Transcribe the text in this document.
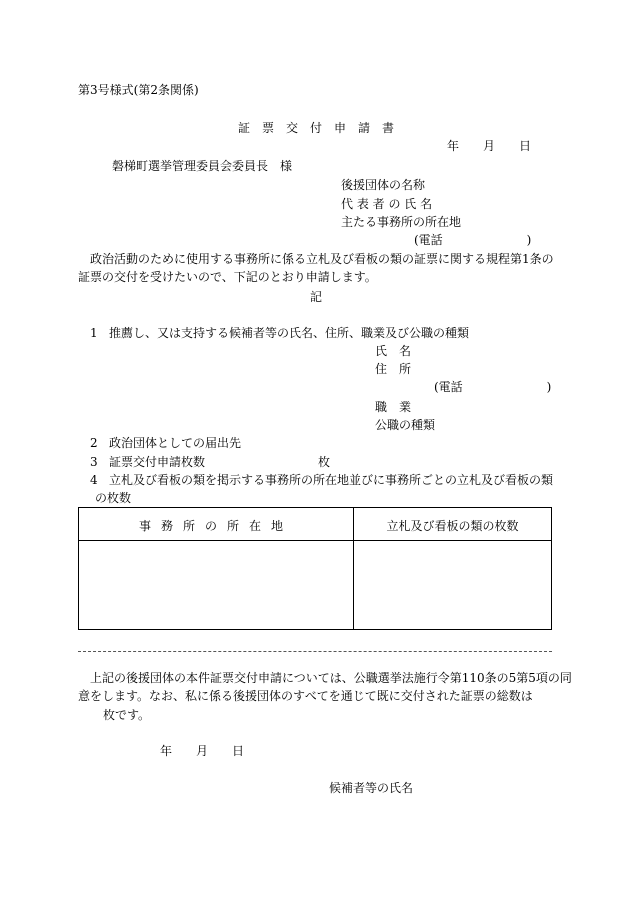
第3号様式(第2条関係)
証票交付申請書
年　　月　　日
磐梯町選挙管理委員会委員長　様
後援団体の名称
代 表 者 の 氏 名
主たる事務所の所在地
(電話　　　　　　　)
政治活動のために使用する事務所に係る立札及び看板の類の証票に関する規程第1条の
証票の交付を受けたいので、下記のとおり申請します。
記
1 推薦し、又は支持する候補者等の氏名、住所、職業及び公職の種類
氏　名
住　所
(電話　　　　　　　)
職　業
公職の種類
2 政治団体としての届出先
3 証票交付申請枚数	枚
4 立札及び看板の類を掲示する事務所の所在地並びに事務所ごとの立札及び看板の類
の枚数
事務所の所在地	立札及び看板の類の枚数
上記の後援団体の本件証票交付申請については、公職選挙法施行令第110条の5第5項の同
意をします。なお、私に係る後援団体のすべてを通じて既に交付された証票の総数は
枚です。
年　　月　　日
候補者等の氏名
